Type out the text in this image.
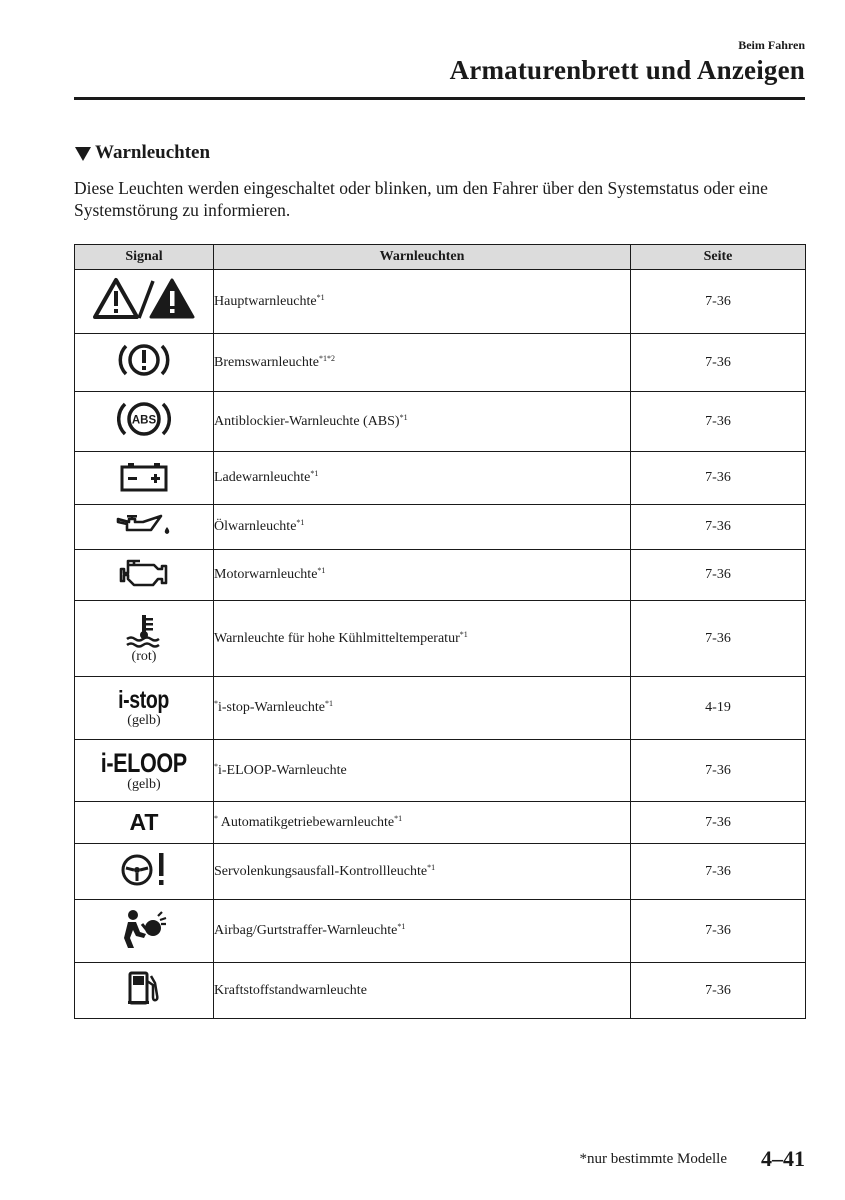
Beim Fahren
Armaturenbrett und Anzeigen
Warnleuchten
Diese Leuchten werden eingeschaltet oder blinken, um den Fahrer über den Systemstatus oder eine Systemstörung zu informieren.
Signal	Warnleuchten	Seite
	Hauptwarnleuchte$^{*1}$	7-36
	Bremswarnleuchte$^{*1*2}$	7-36

ABS	Antiblockier-Warnleuchte (ABS)$^{*1}$	7-36
	Ladewarnleuchte$^{*1}$	7-36
	Ölwarnleuchte$^{*1}$	7-36
	Motorwarnleuchte$^{*1}$	7-36

(rot)	Warnleuchte für hohe Kühlmitteltemperatur$^{*1}$	7-36

i-stop
(gelb)	*i-stop-Warnleuchte$^{*1}$	4-19

i-ELOOP
(gelb)	*i-ELOOP-Warnleuchte	7-36
AT	* Automatikgetriebewarnleuchte$^{*1}$	7-36
	Servolenkungsausfall-Kontrollleuchte$^{*1}$	7-36
	Airbag/Gurtstraffer-Warnleuchte$^{*1}$	7-36
	Kraftstoffstandwarnleuchte	7-36
*nur bestimmte Modelle 4–41
